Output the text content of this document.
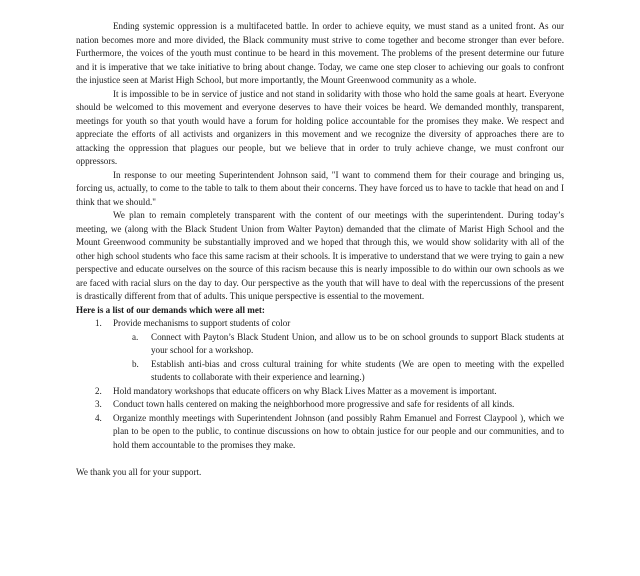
Ending systemic oppression is a multifaceted battle. In order to achieve equity, we must stand as a united front. As our nation becomes more and more divided, the Black community must strive to come together and become stronger than ever before. Furthermore, the voices of the youth must continue to be heard in this movement. The problems of the present determine our future and it is imperative that we take initiative to bring about change. Today, we came one step closer to achieving our goals to confront the injustice seen at Marist High School, but more importantly, the Mount Greenwood community as a whole.

It is impossible to be in service of justice and not stand in solidarity with those who hold the same goals at heart. Everyone should be welcomed to this movement and everyone deserves to have their voices be heard. We demanded monthly, transparent, meetings for youth so that youth would have a forum for holding police accountable for the promises they make. We respect and appreciate the efforts of all activists and organizers in this movement and we recognize the diversity of approaches there are to attacking the oppression that plagues our people, but we believe that in order to truly achieve change, we must confront our oppressors.

In response to our meeting Superintendent Johnson said, "I want to commend them for their courage and bringing us, forcing us, actually, to come to the table to talk to them about their concerns. They have forced us to have to tackle that head on and I think that we should."

We plan to remain completely transparent with the content of our meetings with the superintendent. During today’s meeting, we (along with the Black Student Union from Walter Payton) demanded that the climate of Marist High School and the Mount Greenwood community be substantially improved and we hoped that through this, we would show solidarity with all of the other high school students who face this same racism at their schools. It is imperative to understand that we were trying to gain a new perspective and educate ourselves on the source of this racism because this is nearly impossible to do within our own schools as we are faced with racial slurs on the day to day. Our perspective as the youth that will have to deal with the repercussions of the present is drastically different from that of adults. This unique perspective is essential to the movement.

Here is a list of our demands which were all met:
1. Provide mechanisms to support students of color
a. Connect with Payton’s Black Student Union, and allow us to be on school grounds to support Black students at your school for a workshop.
b. Establish anti-bias and cross cultural training for white students (We are open to meeting with the expelled students to collaborate with their experience and learning.)
2. Hold mandatory workshops that educate officers on why Black Lives Matter as a movement is important.
3. Conduct town halls centered on making the neighborhood more progressive and safe for residents of all kinds.
4. Organize monthly meetings with Superintendent Johnson (and possibly Rahm Emanuel and Forrest Claypool ), which we plan to be open to the public, to continue discussions on how to obtain justice for our people and our communities, and to hold them accountable to the promises they make.

We thank you all for your support.
